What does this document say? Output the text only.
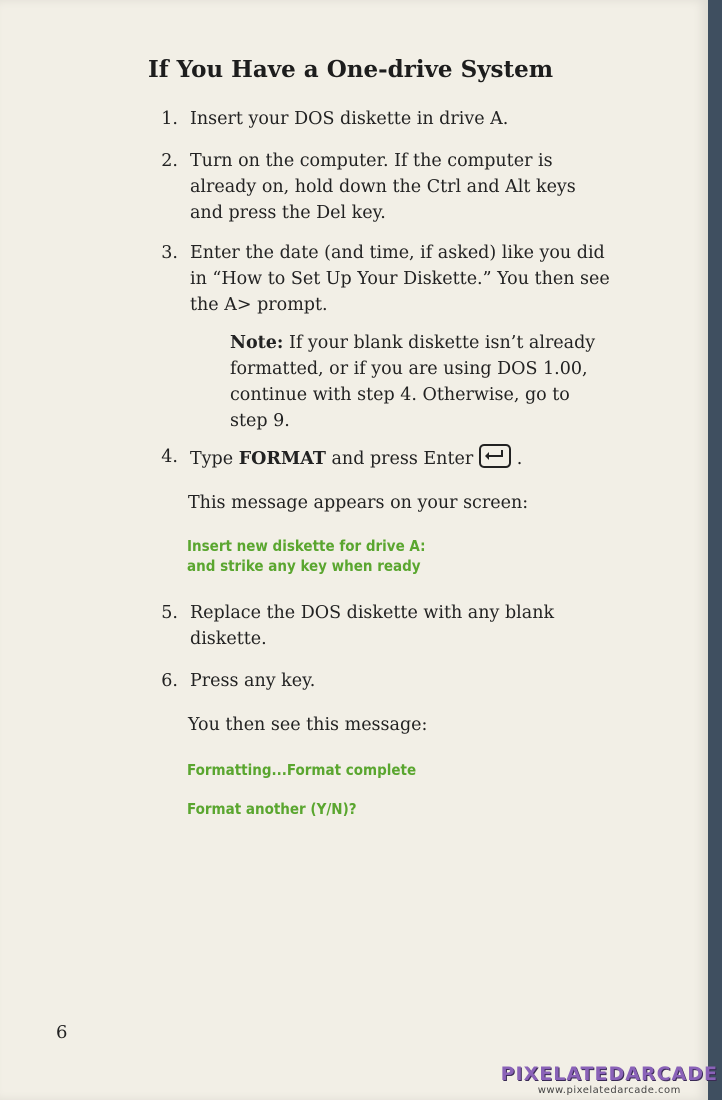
If You Have a One-drive System
1. Insert your DOS diskette in drive A.

2. Turn on the computer. If the computer is already on, hold down the Ctrl and Alt keys and press the Del key.

3. Enter the date (and time, if asked) like you did in “How to Set Up Your Diskette.” You then see the A> prompt.

Note: If your blank diskette isn’t already formatted, or if you are using DOS 1.00, continue with step 4. Otherwise, go to step 9.

4. Type FORMAT and press Enter
.

This message appears on your screen:

Insert new diskette for drive A:
and strike any key when ready

5. Replace the DOS diskette with any blank diskette.

6. Press any key.

You then see this message:

Formatting...Format complete

Format another (Y/N)?

6

PIXELATEDARCADE
www.pixelatedarcade.com
